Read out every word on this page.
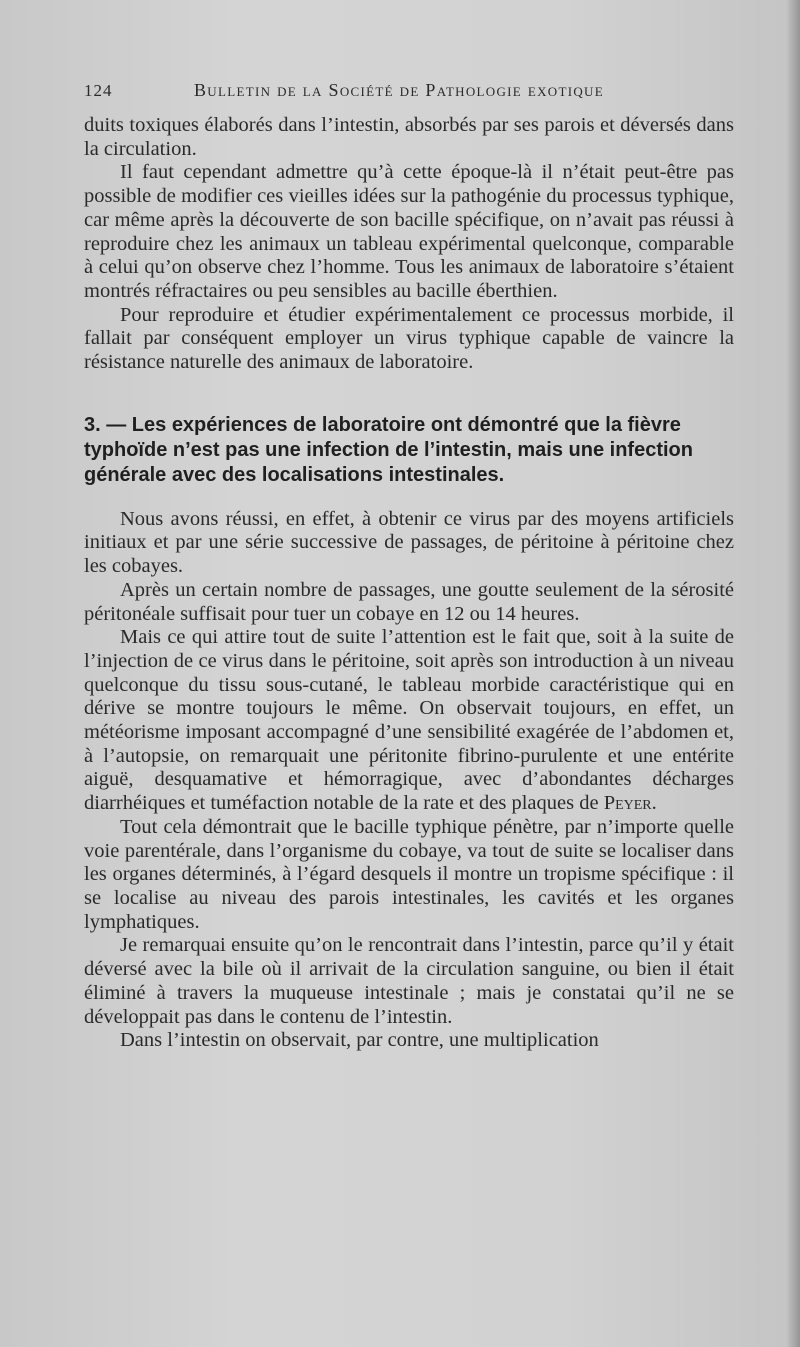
124	Bulletin de la Société de Pathologie exotique

duits toxiques élaborés dans l’intestin, absorbés par ses parois et déversés dans la circulation.

Il faut cependant admettre qu’à cette époque-là il n’était peut-être pas possible de modifier ces vieilles idées sur la pathogénie du processus typhique, car même après la découverte de son bacille spécifique, on n’avait pas réussi à reproduire chez les animaux un tableau expérimental quelconque, comparable à celui qu’on observe chez l’homme. Tous les animaux de laboratoire s’étaient montrés réfractaires ou peu sensibles au bacille éberthien.

Pour reproduire et étudier expérimentalement ce processus morbide, il fallait par conséquent employer un virus typhique capable de vaincre la résistance naturelle des animaux de laboratoire.

3. — Les expériences de laboratoire ont démontré que la fièvre typhoïde n’est pas une infection de l’intestin, mais une infection générale avec des localisations intestinales.

Nous avons réussi, en effet, à obtenir ce virus par des moyens artificiels initiaux et par une série successive de passages, de péritoine à péritoine chez les cobayes.

Après un certain nombre de passages, une goutte seulement de la sérosité péritonéale suffisait pour tuer un cobaye en 12 ou 14 heures.

Mais ce qui attire tout de suite l’attention est le fait que, soit à la suite de l’injection de ce virus dans le péritoine, soit après son introduction à un niveau quelconque du tissu sous-cutané, le tableau morbide caractéristique qui en dérive se montre toujours le même. On observait toujours, en effet, un météorisme imposant accompagné d’une sensibilité exagérée de l’abdomen et, à l’autopsie, on remarquait une péritonite fibrino-purulente et une entérite aiguë, desquamative et hémorragique, avec d’abondantes décharges diarrhéiques et tuméfaction notable de la rate et des plaques de Peyer.

Tout cela démontrait que le bacille typhique pénètre, par n’importe quelle voie parentérale, dans l’organisme du cobaye, va tout de suite se localiser dans les organes déterminés, à l’égard desquels il montre un tropisme spécifique : il se localise au niveau des parois intestinales, les cavités et les organes lymphatiques.

Je remarquai ensuite qu’on le rencontrait dans l’intestin, parce qu’il y était déversé avec la bile où il arrivait de la circulation sanguine, ou bien il était éliminé à travers la muqueuse intestinale ; mais je constatai qu’il ne se développait pas dans le contenu de l’intestin.

Dans l’intestin on observait, par contre, une multiplication
